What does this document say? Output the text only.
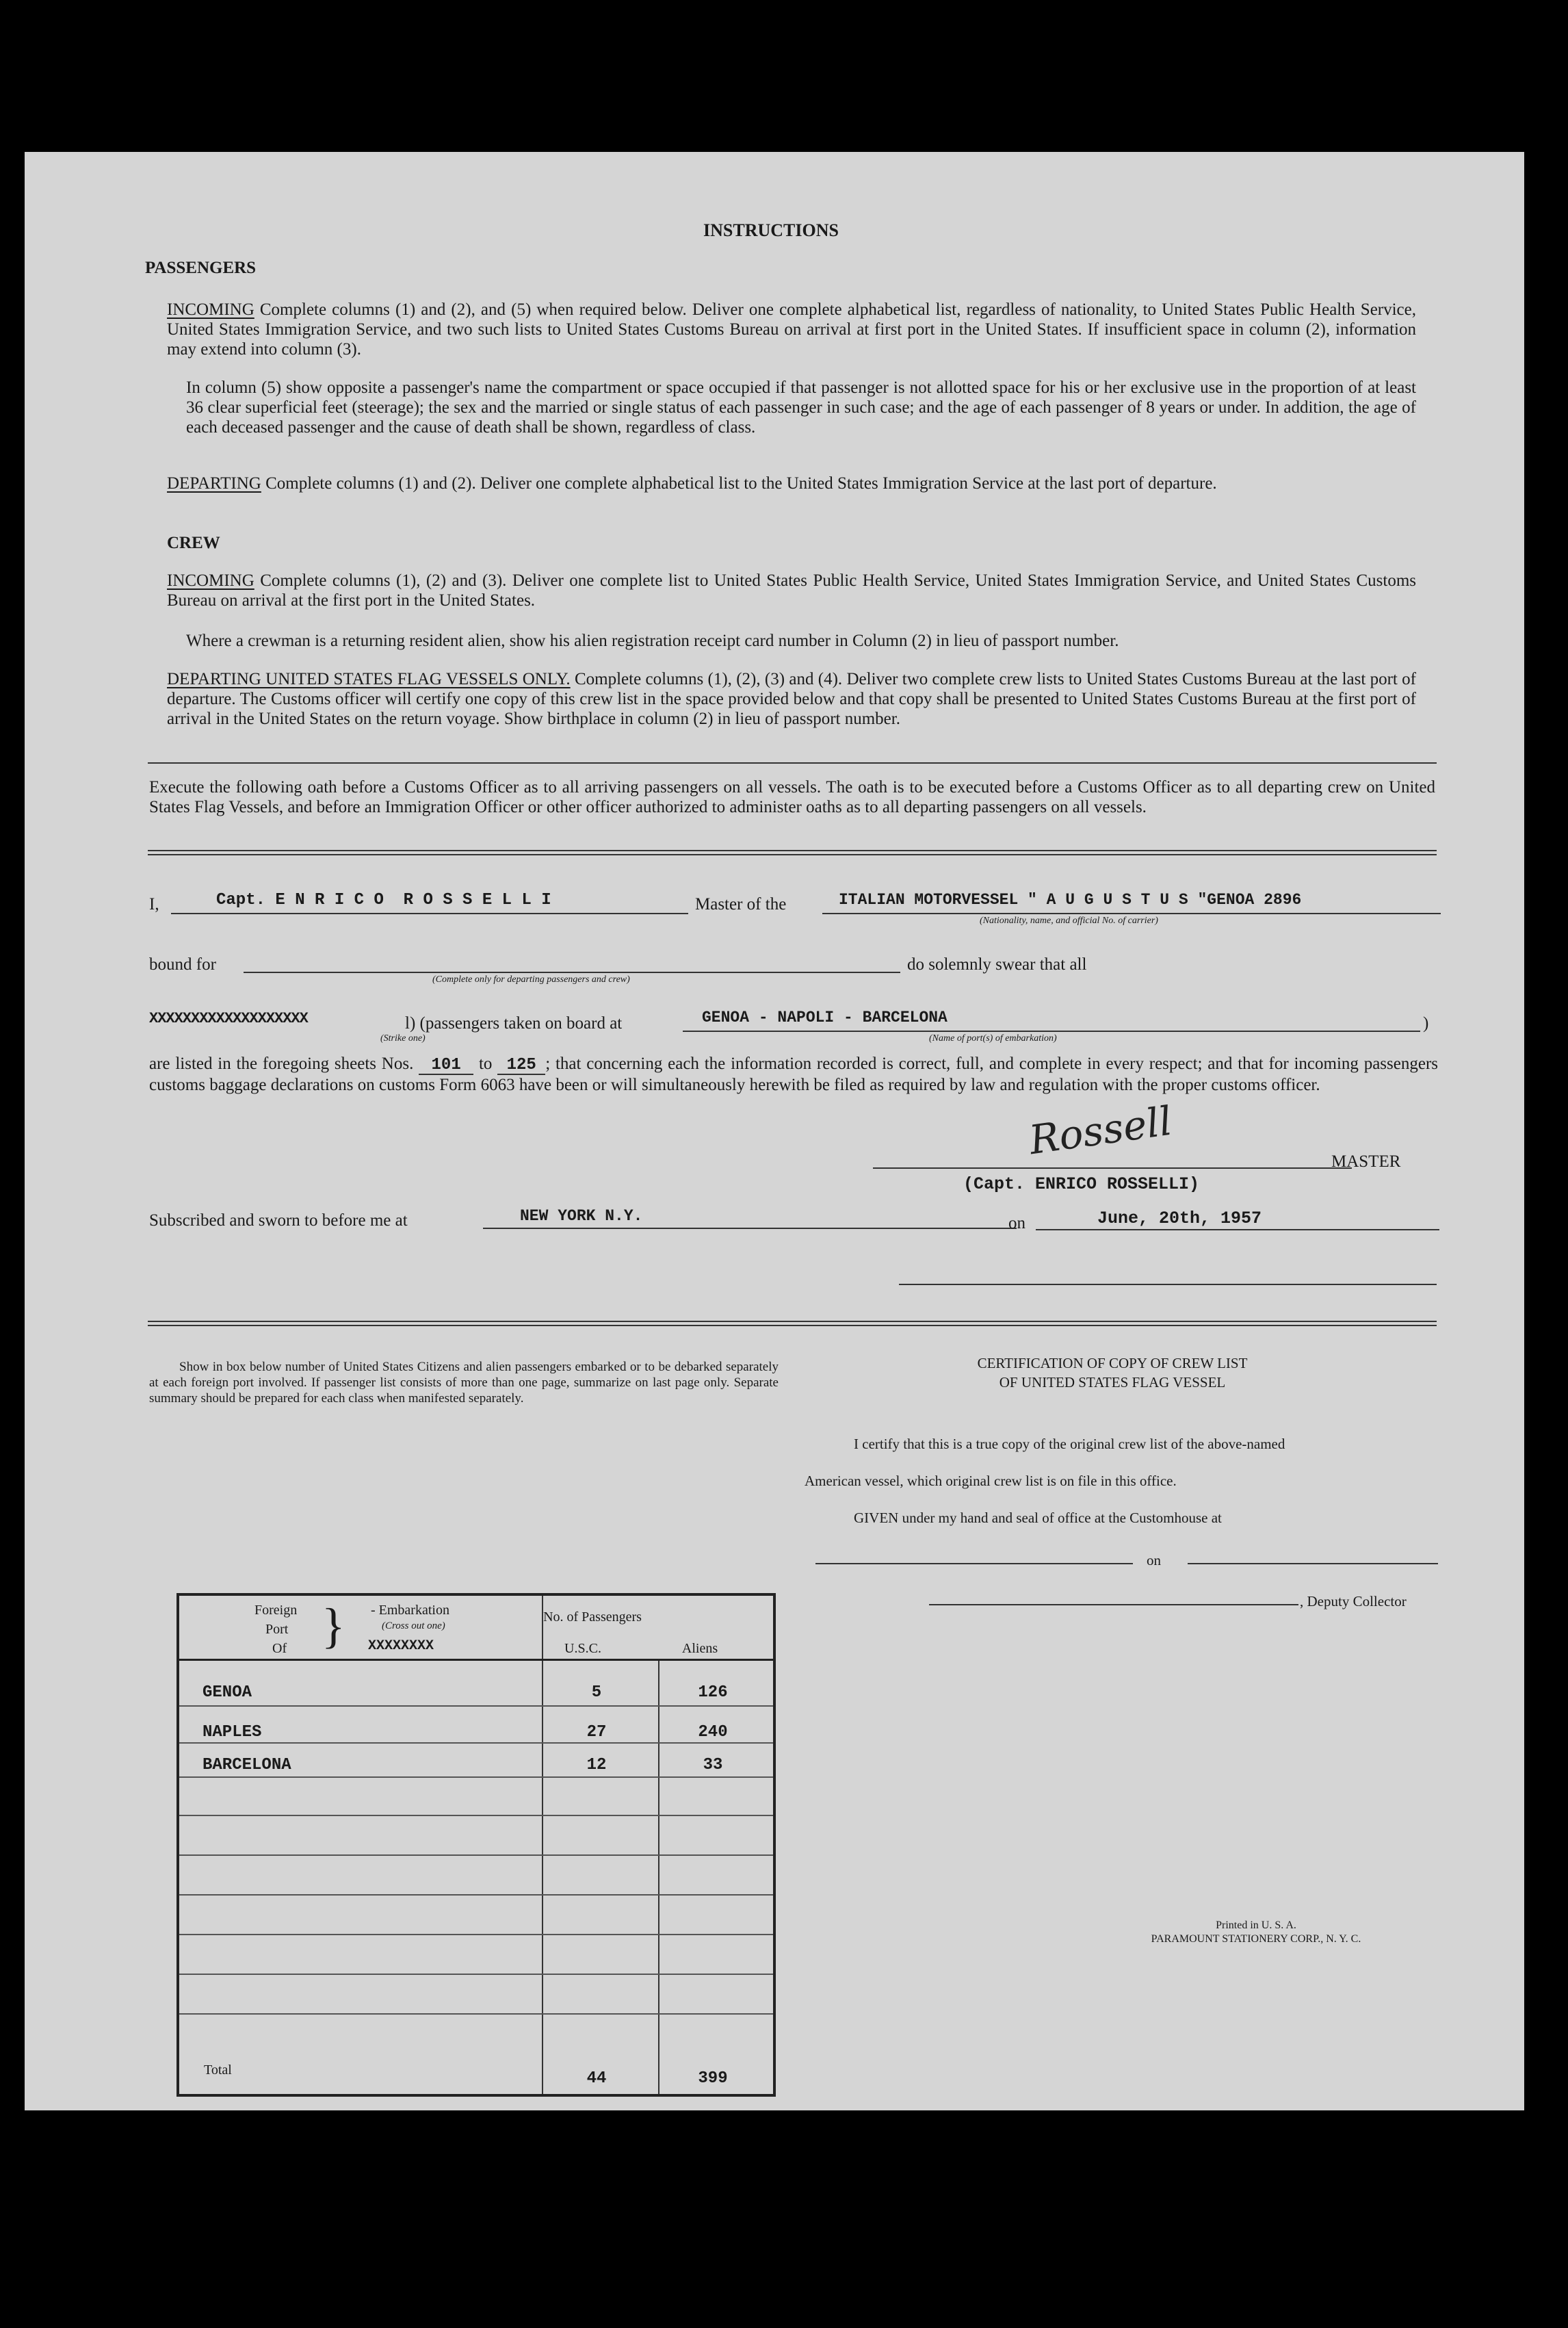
INSTRUCTIONS
PASSENGERS
INCOMING Complete columns (1) and (2), and (5) when required below. Deliver one complete alphabetical list, regardless of nationality, to United States Public Health Service, United States Immigration Service, and two such lists to United States Customs Bureau on arrival at first port in the United States. If insufficient space in column (2), information may extend into column (3).
In column (5) show opposite a passenger's name the compartment or space occupied if that passenger is not allotted space for his or her exclusive use in the proportion of at least 36 clear superficial feet (steerage); the sex and the married or single status of each passenger in such case; and the age of each passenger of 8 years or under. In addition, the age of each deceased passenger and the cause of death shall be shown, regardless of class.
DEPARTING Complete columns (1) and (2). Deliver one complete alphabetical list to the United States Immigration Service at the last port of departure.
CREW
INCOMING Complete columns (1), (2) and (3). Deliver one complete list to United States Public Health Service, United States Immigration Service, and United States Customs Bureau on arrival at the first port in the United States.
Where a crewman is a returning resident alien, show his alien registration receipt card number in Column (2) in lieu of passport number.
DEPARTING UNITED STATES FLAG VESSELS ONLY. Complete columns (1), (2), (3) and (4). Deliver two complete crew lists to United States Customs Bureau at the last port of departure. The Customs officer will certify one copy of this crew list in the space provided below and that copy shall be presented to United States Customs Bureau at the first port of arrival in the United States on the return voyage. Show birthplace in column (2) in lieu of passport number.
Execute the following oath before a Customs Officer as to all arriving passengers on all vessels. The oath is to be executed before a Customs Officer as to all departing crew on United States Flag Vessels, and before an Immigration Officer or other officer authorized to administer oaths as to all departing passengers on all vessels.
I,	Capt. E N R I C O  R O S S E L L I	Master of the	ITALIAN MOTORVESSEL " A U G U S T U S "GENOA 2896
(Nationality, name, and official No. of carrier)
bound for
(Complete only for departing passengers and crew)
do solemnly swear that all
XXXXXXXXXXXXXXXXXXX
(Strike one)
l) (passengers taken on board at	GENOA - NAPOLI - BARCELONA
(Name of port(s) of embarkation)
)
are listed in the foregoing sheets Nos. 101 to 125 ; that concerning each the information recorded is correct, full, and complete in every respect; and that for incoming passengers customs baggage declarations on customs Form 6063 have been or will simultaneously herewith be filed as required by law and regulation with the proper customs officer.
Rossell	MASTER
(Capt. ENRICO ROSSELLI)
Subscribed and sworn to before me at	NEW YORK N.Y.	on	June, 20th, 1957
Show in box below number of United States Citizens and alien passengers embarked or to be debarked separately at each foreign port involved. If passenger list consists of more than one page, summarize on last page only. Separate summary should be prepared for each class when manifested separately.
Foreign
Port
Of } - Embarkation
(Cross out one)
XXXXXXXX
No. of Passengers
U.S.C.	Aliens
GENOA	5	126
NAPLES	27	240
BARCELONA	12	33
Total	44	399
CERTIFICATION OF COPY OF CREW LIST
OF UNITED STATES FLAG VESSEL
I certify that this is a true copy of the original crew list of the above-named
American vessel, which original crew list is on file in this office.
GIVEN under my hand and seal of office at the Customhouse at
on
, Deputy Collector
Printed in U. S. A.
PARAMOUNT STATIONERY CORP., N. Y. C.
